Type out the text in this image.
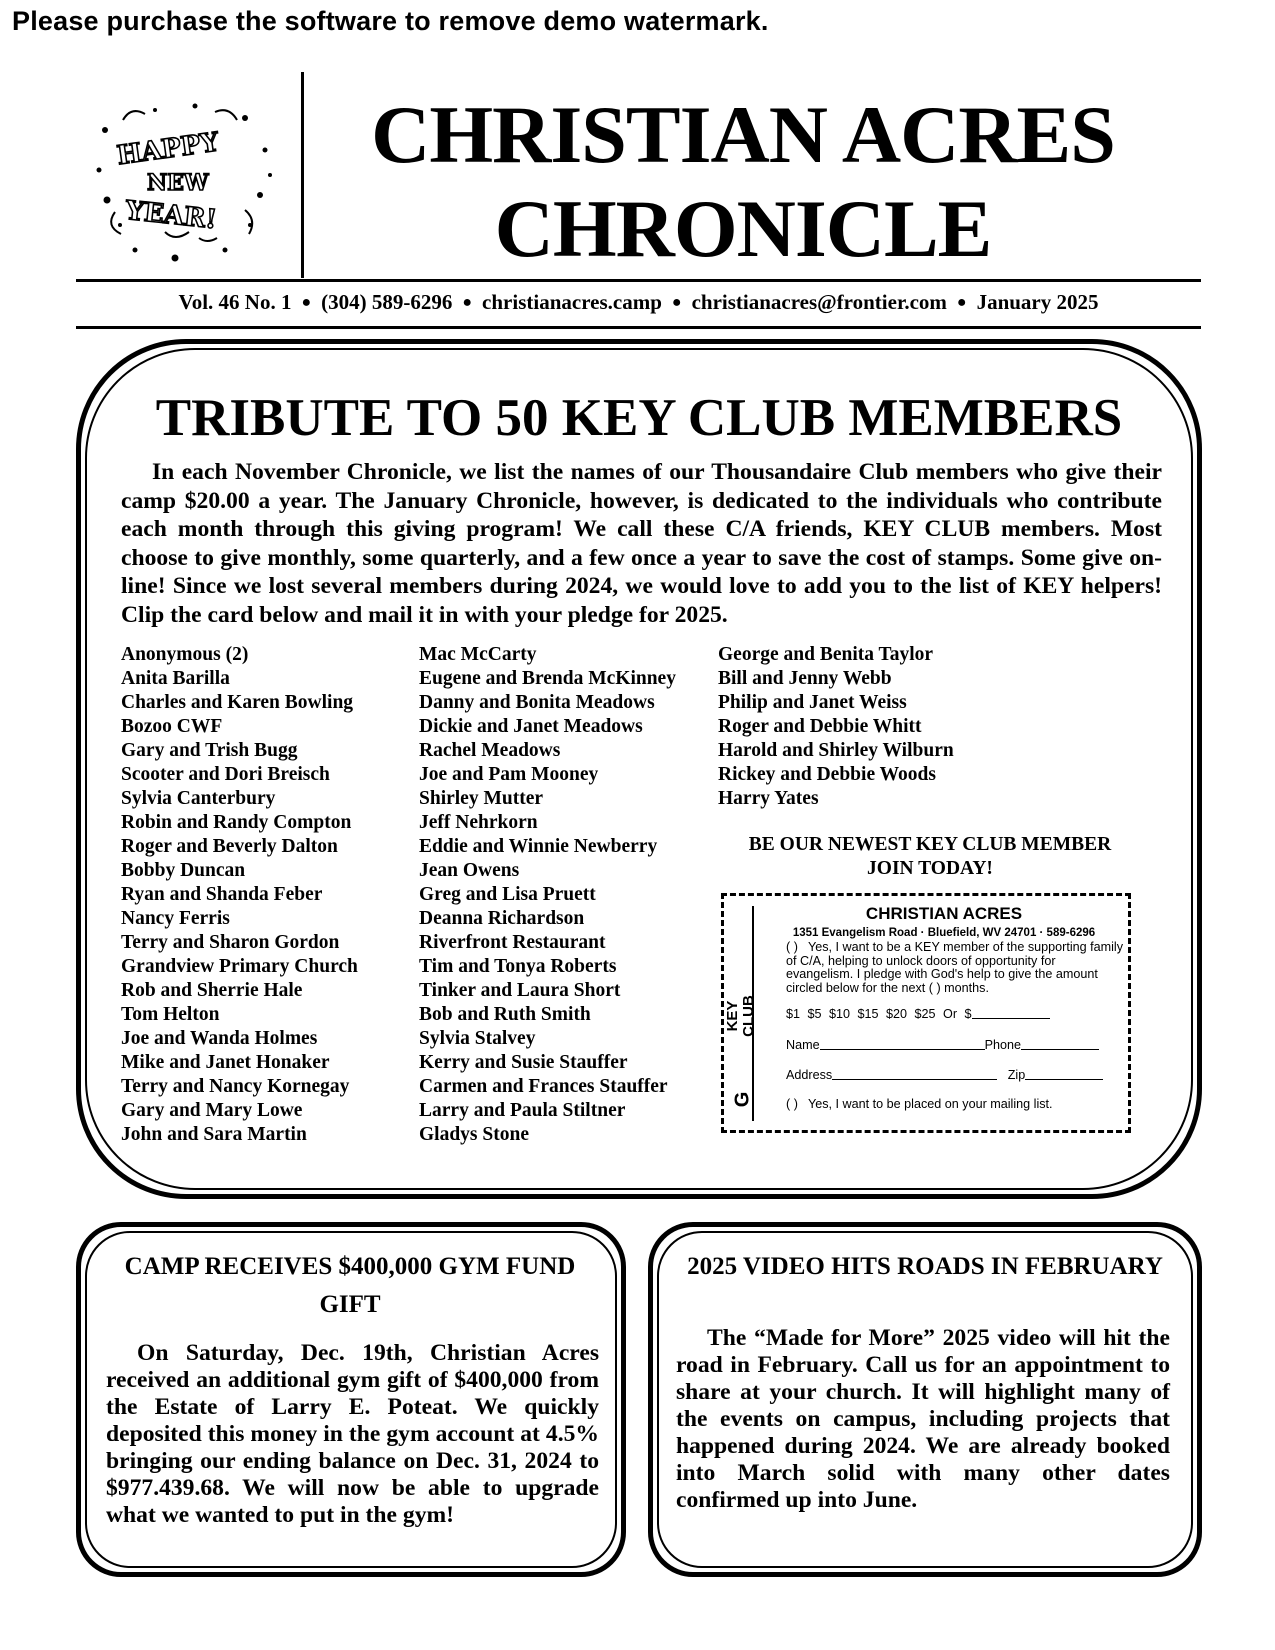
Please purchase the software to remove demo watermark.
HAPPY
NEW
YEAR!
CHRISTIAN ACRES
CHRONICLE
Vol. 46 No. 1 ● (304) 589-6296 ● christianacres.camp ● christianacres@frontier.com ● January 2025
TRIBUTE TO 50 KEY CLUB MEMBERS

In each November Chronicle, we list the names of our Thousandaire Club members who give their camp $20.00 a year. The January Chronicle, however, is dedicated to the individuals who contribute each month through this giving program! We call these C/A friends, KEY CLUB members. Most choose to give monthly, some quarterly, and a few once a year to save the cost of stamps. Some give on-line! Since we lost several members during 2024, we would love to add you to the list of KEY helpers! Clip the card below and mail it in with your pledge for 2025.

Anonymous (2)
Anita Barilla
Charles and Karen Bowling
Bozoo CWF
Gary and Trish Bugg
Scooter and Dori Breisch
Sylvia Canterbury
Robin and Randy Compton
Roger and Beverly Dalton
Bobby Duncan
Ryan and Shanda Feber
Nancy Ferris
Terry and Sharon Gordon
Grandview Primary Church
Rob and Sherrie Hale
Tom Helton
Joe and Wanda Holmes
Mike and Janet Honaker
Terry and Nancy Kornegay
Gary and Mary Lowe
John and Sara Martin
Mac McCarty
Eugene and Brenda McKinney
Danny and Bonita Meadows
Dickie and Janet Meadows
Rachel Meadows
Joe and Pam Mooney
Shirley Mutter
Jeff Nehrkorn
Eddie and Winnie Newberry
Jean Owens
Greg and Lisa Pruett
Deanna Richardson
Riverfront Restaurant
Tim and Tonya Roberts
Tinker and Laura Short
Bob and Ruth Smith
Sylvia Stalvey
Kerry and Susie Stauffer
Carmen and Frances Stauffer
Larry and Paula Stiltner
Gladys Stone
George and Benita Taylor
Bill and Jenny Webb
Philip and Janet Weiss
Roger and Debbie Whitt
Harold and Shirley Wilburn
Rickey and Debbie Woods
Harry Yates
BE OUR NEWEST KEY CLUB MEMBER
JOIN TODAY!
KEY CLUB
G
CHRISTIAN ACRES
1351 Evangelism Road · Bluefield, WV 24701 · 589-6296
( ) Yes, I want to be a KEY member of the supporting family of C/A, helping to unlock doors of opportunity for evangelism. I pledge with God's help to give the amount circled below for the next ( ) months.
$1 $5 $10 $15 $20 $25 Or $
Name	Phone
Address	Zip
( ) Yes, I want to be placed on your mailing list.
CAMP RECEIVES $400,000 GYM FUND GIFT

On Saturday, Dec. 19th, Christian Acres received an additional gym gift of $400,000 from the Estate of Larry E. Poteat. We quickly deposited this money in the gym account at 4.5% bringing our ending balance on Dec. 31, 2024 to $977.439.68. We will now be able to upgrade what we wanted to put in the gym!

2025 VIDEO HITS ROADS IN FEBRUARY

The “Made for More” 2025 video will hit the road in February. Call us for an appointment to share at your church. It will highlight many of the events on campus, including projects that happened during 2024. We are already booked into March solid with many other dates confirmed up into June.
